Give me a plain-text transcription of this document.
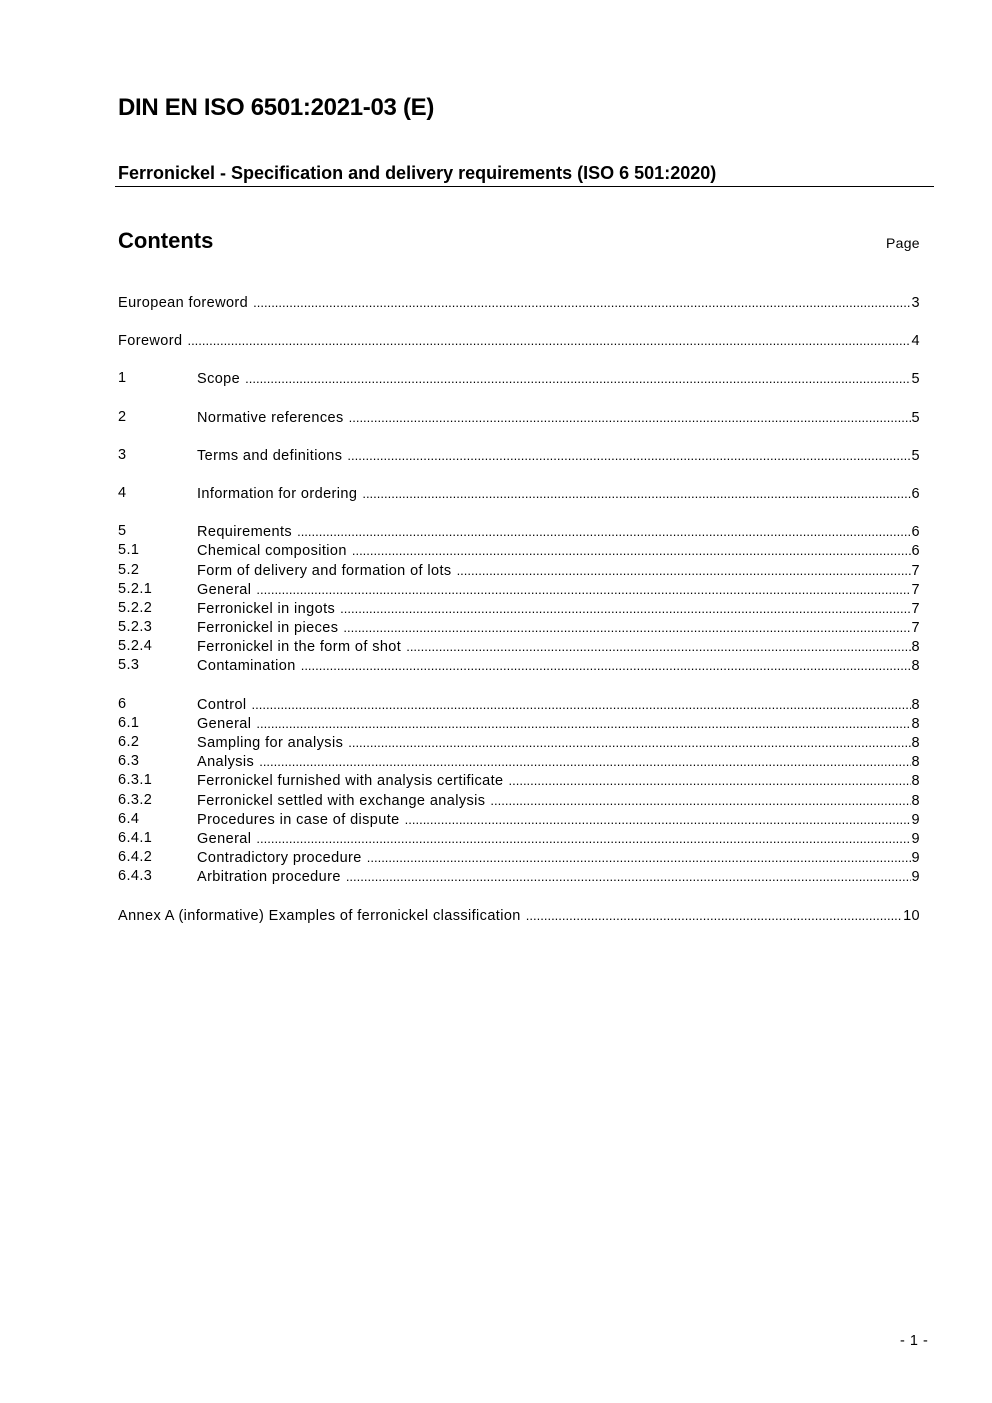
DIN EN ISO 6501:2021-03 (E)
Ferronickel - Specification and delivery requirements (ISO 6 501:2020)
Contents	Page
European foreword .....	3
Foreword .....	4
1	Scope .....	5
2	Normative references .....	5
3	Terms and definitions .....	5
4	Information for ordering .....	6
5	Requirements .....	6
5.1	Chemical composition .....	6
5.2	Form of delivery and formation of lots .....	7
5.2.1	General .....	7
5.2.2	Ferronickel in ingots .....	7
5.2.3	Ferronickel in pieces .....	7
5.2.4	Ferronickel in the form of shot .....	8
5.3	Contamination .....	8
6	Control .....	8
6.1	General .....	8
6.2	Sampling for analysis .....	8
6.3	Analysis .....	8
6.3.1	Ferronickel furnished with analysis certificate .....	8
6.3.2	Ferronickel settled with exchange analysis .....	8
6.4	Procedures in case of dispute .....	9
6.4.1	General .....	9
6.4.2	Contradictory procedure .....	9
6.4.3	Arbitration procedure .....	9
Annex A (informative) Examples of ferronickel classification .....	10
- 1 -
